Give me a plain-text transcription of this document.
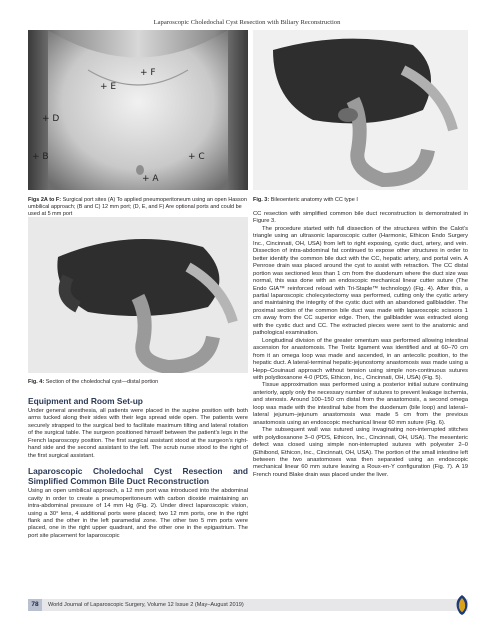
Laparoscopic Choledochal Cyst Resection with Biliary Reconstruction
+ F
+ E
+ D
+ B	+ C
+ A
Figs 2A to F: Surgical port sites (A) To applied pneumoperitoneum using an open Hasson umbilical approach; (B and C) 12 mm port; (D, E, and F) Are optional ports and could be used at 5 mm port
Fig. 3: Bileoenteric anatomy with CC type I
Fig. 4: Section of the choledochal cyst—distal portion

Equipment and Room Set-up

Under general anesthesia, all patients were placed in the supine position with both arms tucked along their sides with their legs spread wide open. The patients were securely strapped to the surgical bed to facilitate maximum tilting and lateral rotation of the surgical table. The surgeon positioned himself between the patient’s legs in the French laparoscopy position. The first surgical assistant stood at the surgeon’s right-hand side and the second assistant to the left. The scrub nurse stood to the right of the first surgical assistant.

Laparoscopic Choledochal Cyst Resection and Simplified Common Bile Duct Reconstruction

Using an open umbilical approach, a 12 mm port was introduced into the abdominal cavity in order to create a pneumoperitoneum with carbon dioxide maintaining an intra-abdominal pressure of 14 mm Hg (Fig. 2). Under direct laparoscopic vision, using a 30° lens, 4 additional ports were placed; two 12 mm ports, one in the right flank and the other in the left paramedial zone. The other two 5 mm ports were placed, one in the right upper quadrant, and the other one in the epigastrium. The port site placement for laparoscopic

CC resection with simplified common bile duct reconstruction is demonstrated in Figure 3.

The procedure started with full dissection of the structures within the Calot’s triangle using an ultrasonic laparoscopic cutter (Harmonic, Ethicon Endo Surgery Inc., Cincinnati, OH, USA) from left to right exposing, cystic duct, artery, and vein. Dissection of intra-abdominal fat continued to expose other structures in order to better identify the common bile duct with the CC, hepatic artery, and portal vein. A Penrose drain was placed around the cyst to assist with retraction. The CC distal portion was sectioned less than 1 cm from the duodenum where the duct size was normal, this was done with an endoscopic mechanical linear cutter suture (The Endo GIA™ reinforced reload with Tri-Staple™ technology) (Fig. 4). After this, a partial laparoscopic cholecystectomy was performed, cutting only the cystic artery and maintaining the integrity of the cystic duct with an abandoned gallbladder. The proximal section of the common bile duct was made with laparoscopic scissors 1 cm away from the CC superior edge. Then, the gallbladder was extracted along with the cystic duct and CC. The extracted pieces were sent to the anatomic and pathological examination.

Longitudinal division of the greater omentum was performed allowing intestinal ascension for anastomosis. The Treitz ligament was identified and at 60–70 cm from it an omega loop was made and ascended, in an antecolic position, to the hepatic duct. A lateral-terminal hepatic-jejunostomy anastomosis was made using a Hepp–Couinaud approach without tension using simple non-continuous sutures with polydioxanone 4-0 (PDS, Ethicon, Inc., Cincinnati, OH, USA) (Fig. 5).

Tissue approximation was performed using a posterior initial suture continuing anteriorly, apply only the necessary number of sutures to prevent leakage ischemia, and stenosis. Around 100–150 cm distal from the anastomosis, a second omega loop was made with the intestinal tube from the duodenum (bile loop) and lateral–lateral jejunum–jejunum anastomosis was made 5 cm from the previous anastomosis using an endoscopic mechanical linear 60 mm suture (Fig. 6).

The subsequent wall was sutured using invaginating non-interrupted stitches with polydioxanone 3–0 (PDS, Ethicon, Inc., Cincinnati, OH, USA). The mesenteric defect was closed using simple non-interrupted sutures with polyester 2–0 (Ethibond, Ethicon, Inc., Cincinnati, OH, USA). The portion of the small intestine left between the two anastomoses was then separated using an endoscopic mechanical linear 60 mm suture leaving a Roux-en-Y configuration (Fig. 7). A 19 French round Blake drain was placed under the liver.

78	World Journal of Laparoscopic Surgery, Volume 12 Issue 2 (May–August 2019)
